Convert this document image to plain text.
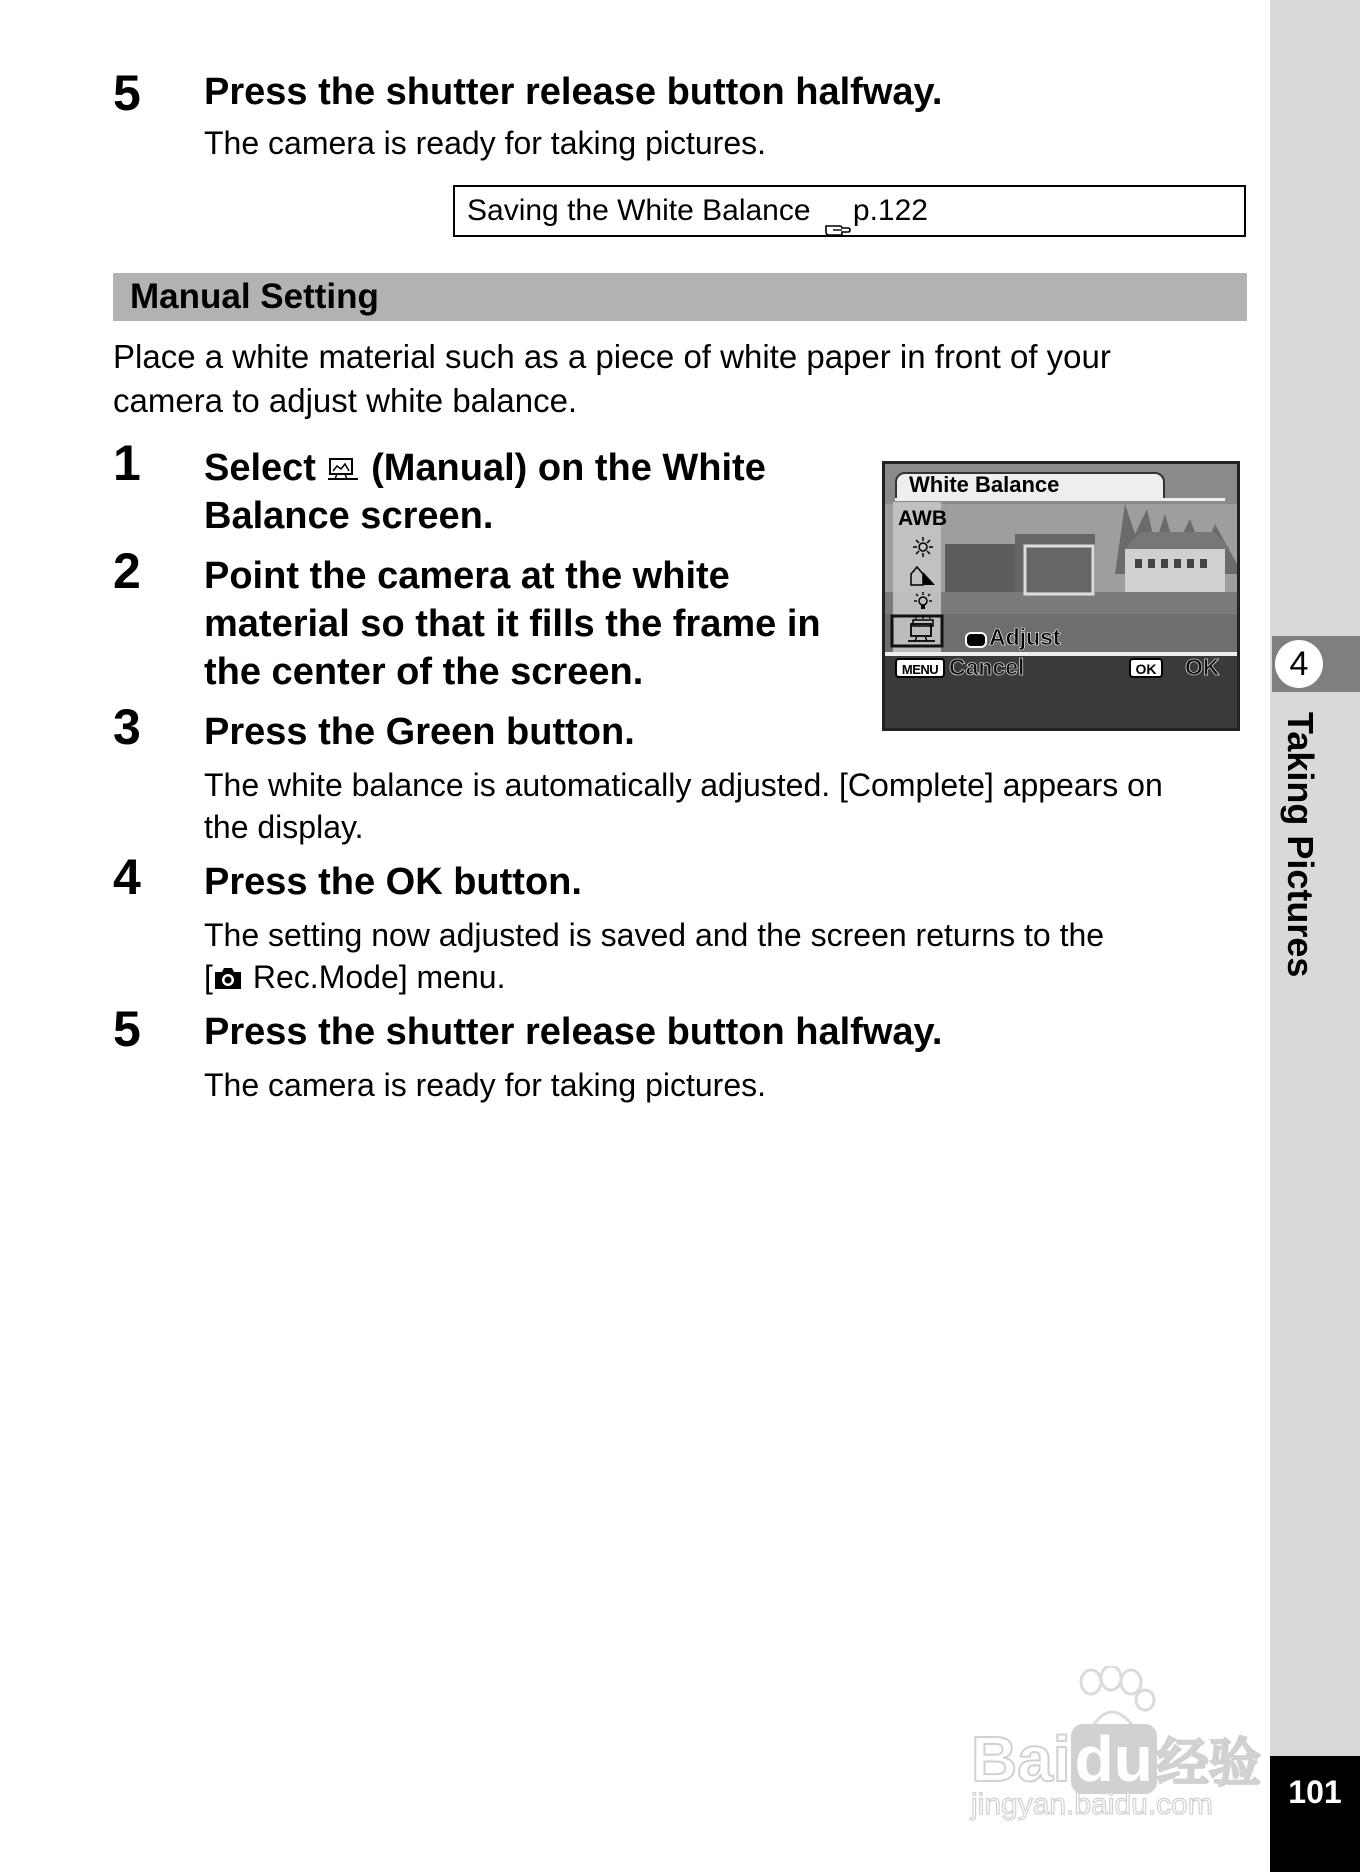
4
Taking Pictures
101
5 Press the shutter release button halfway.
The camera is ready for taking pictures.
Saving the White Balance p.122
Manual Setting
Place a white material such as a piece of white paper in front of your
camera to adjust white balance.
1 Select (Manual) on the White
Balance screen.
2 Point the camera at the white
material so that it fills the frame in
the center of the screen.
3 Press the Green button.
The white balance is automatically adjusted. [Complete] appears on
the display.
4 Press the OK button.
The setting now adjusted is saved and the screen returns to the
[ Rec.Mode] menu.
5 Press the shutter release button halfway.
The camera is ready for taking pictures.
White Balance
AWB
Adjust
MENU Cancel	OK OK
Baidu经验
jingyan.baidu.com
